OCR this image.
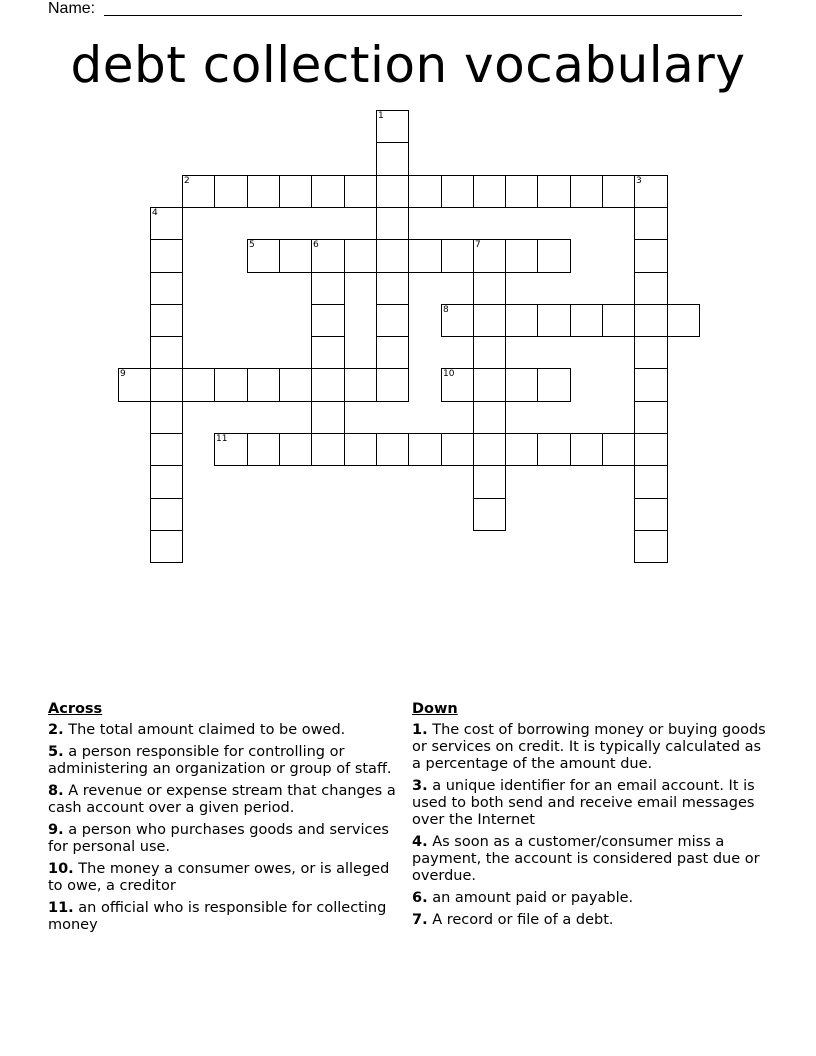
Name:
debt collection vocabulary
1
2	3
4
5	6	7
8
9	10
11
Across
2. The total amount claimed to be owed.
5. a person responsible for controlling or administering an organization or group of staff.
8. A revenue or expense stream that changes a cash account over a given period.
9. a person who purchases goods and services for personal use.
10. The money a consumer owes, or is alleged to owe, a creditor
11. an official who is responsible for collecting money
Down
1. The cost of borrowing money or buying goods or services on credit. It is typically calculated as a percentage of the amount due.
3. a unique identifier for an email account. It is used to both send and receive email messages over the Internet
4. As soon as a customer/consumer miss a payment, the account is considered past due or overdue.
6. an amount paid or payable.
7. A record or file of a debt.
